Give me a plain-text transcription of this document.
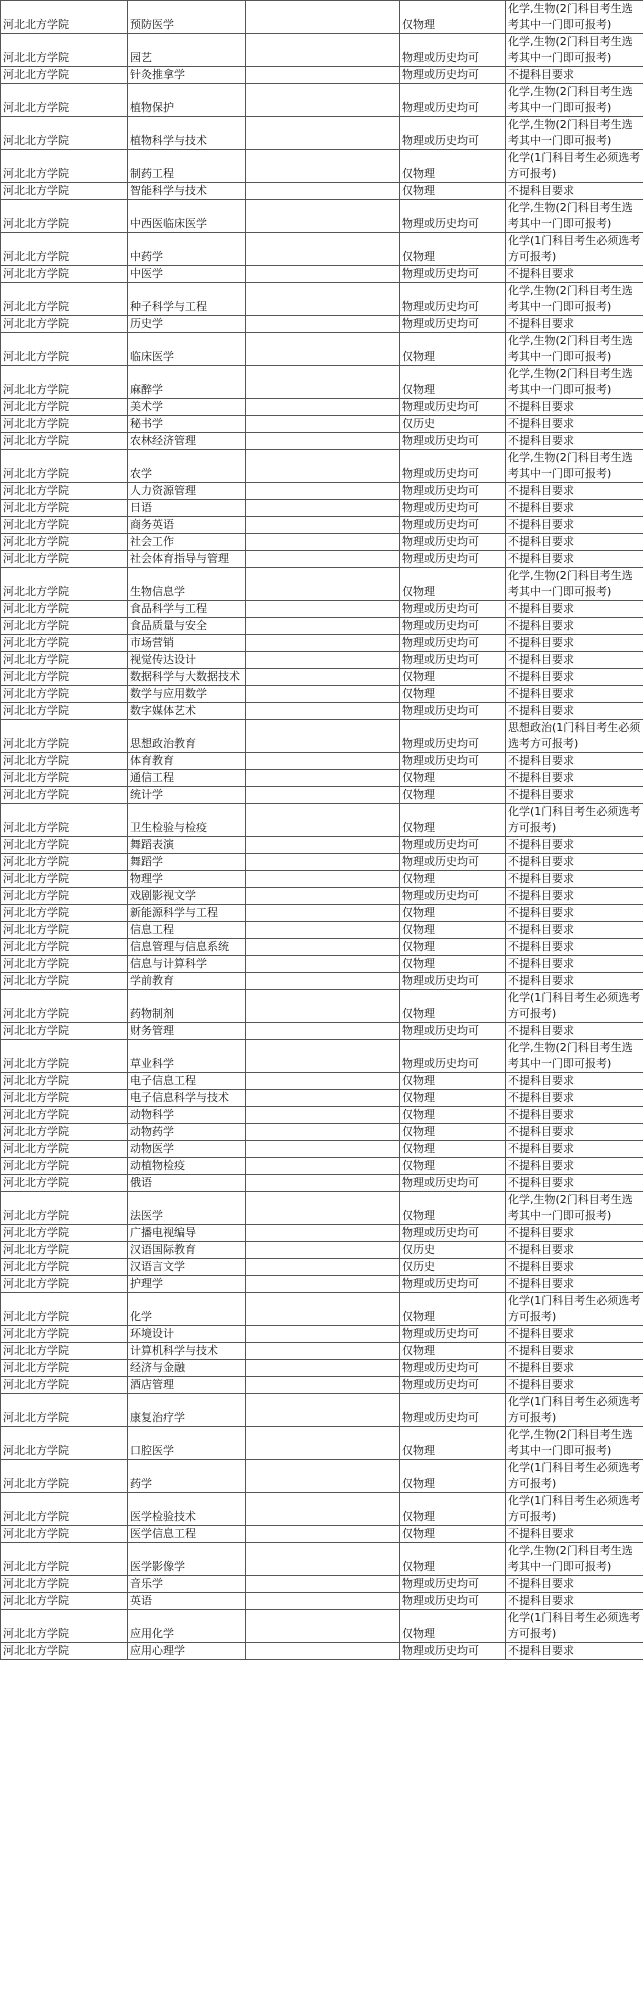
河北北方学院	预防医学		仅物理	化学,生物(2门科目考生选考其中一门即可报考)
河北北方学院	园艺		物理或历史均可	化学,生物(2门科目考生选考其中一门即可报考)
河北北方学院	针灸推拿学		物理或历史均可	不提科目要求
河北北方学院	植物保护		物理或历史均可	化学,生物(2门科目考生选考其中一门即可报考)
河北北方学院	植物科学与技术		物理或历史均可	化学,生物(2门科目考生选考其中一门即可报考)
河北北方学院	制药工程		仅物理	化学(1门科目考生必须选考方可报考)
河北北方学院	智能科学与技术		仅物理	不提科目要求
河北北方学院	中西医临床医学		物理或历史均可	化学,生物(2门科目考生选考其中一门即可报考)
河北北方学院	中药学		仅物理	化学(1门科目考生必须选考方可报考)
河北北方学院	中医学		物理或历史均可	不提科目要求
河北北方学院	种子科学与工程		物理或历史均可	化学,生物(2门科目考生选考其中一门即可报考)
河北北方学院	历史学		物理或历史均可	不提科目要求
河北北方学院	临床医学		仅物理	化学,生物(2门科目考生选考其中一门即可报考)
河北北方学院	麻醉学		仅物理	化学,生物(2门科目考生选考其中一门即可报考)
河北北方学院	美术学		物理或历史均可	不提科目要求
河北北方学院	秘书学		仅历史	不提科目要求
河北北方学院	农林经济管理		物理或历史均可	不提科目要求
河北北方学院	农学		物理或历史均可	化学,生物(2门科目考生选考其中一门即可报考)
河北北方学院	人力资源管理		物理或历史均可	不提科目要求
河北北方学院	日语		物理或历史均可	不提科目要求
河北北方学院	商务英语		物理或历史均可	不提科目要求
河北北方学院	社会工作		物理或历史均可	不提科目要求
河北北方学院	社会体育指导与管理		物理或历史均可	不提科目要求
河北北方学院	生物信息学		仅物理	化学,生物(2门科目考生选考其中一门即可报考)
河北北方学院	食品科学与工程		物理或历史均可	不提科目要求
河北北方学院	食品质量与安全		物理或历史均可	不提科目要求
河北北方学院	市场营销		物理或历史均可	不提科目要求
河北北方学院	视觉传达设计		物理或历史均可	不提科目要求
河北北方学院	数据科学与大数据技术		仅物理	不提科目要求
河北北方学院	数学与应用数学		仅物理	不提科目要求
河北北方学院	数字媒体艺术		物理或历史均可	不提科目要求
河北北方学院	思想政治教育		物理或历史均可	思想政治(1门科目考生必须选考方可报考)
河北北方学院	体育教育		物理或历史均可	不提科目要求
河北北方学院	通信工程		仅物理	不提科目要求
河北北方学院	统计学		仅物理	不提科目要求
河北北方学院	卫生检验与检疫		仅物理	化学(1门科目考生必须选考方可报考)
河北北方学院	舞蹈表演		物理或历史均可	不提科目要求
河北北方学院	舞蹈学		物理或历史均可	不提科目要求
河北北方学院	物理学		仅物理	不提科目要求
河北北方学院	戏剧影视文学		物理或历史均可	不提科目要求
河北北方学院	新能源科学与工程		仅物理	不提科目要求
河北北方学院	信息工程		仅物理	不提科目要求
河北北方学院	信息管理与信息系统		仅物理	不提科目要求
河北北方学院	信息与计算科学		仅物理	不提科目要求
河北北方学院	学前教育		物理或历史均可	不提科目要求
河北北方学院	药物制剂		仅物理	化学(1门科目考生必须选考方可报考)
河北北方学院	财务管理		物理或历史均可	不提科目要求
河北北方学院	草业科学		物理或历史均可	化学,生物(2门科目考生选考其中一门即可报考)
河北北方学院	电子信息工程		仅物理	不提科目要求
河北北方学院	电子信息科学与技术		仅物理	不提科目要求
河北北方学院	动物科学		仅物理	不提科目要求
河北北方学院	动物药学		仅物理	不提科目要求
河北北方学院	动物医学		仅物理	不提科目要求
河北北方学院	动植物检疫		仅物理	不提科目要求
河北北方学院	俄语		物理或历史均可	不提科目要求
河北北方学院	法医学		仅物理	化学,生物(2门科目考生选考其中一门即可报考)
河北北方学院	广播电视编导		物理或历史均可	不提科目要求
河北北方学院	汉语国际教育		仅历史	不提科目要求
河北北方学院	汉语言文学		仅历史	不提科目要求
河北北方学院	护理学		物理或历史均可	不提科目要求
河北北方学院	化学		仅物理	化学(1门科目考生必须选考方可报考)
河北北方学院	环境设计		物理或历史均可	不提科目要求
河北北方学院	计算机科学与技术		仅物理	不提科目要求
河北北方学院	经济与金融		物理或历史均可	不提科目要求
河北北方学院	酒店管理		物理或历史均可	不提科目要求
河北北方学院	康复治疗学		物理或历史均可	化学(1门科目考生必须选考方可报考)
河北北方学院	口腔医学		仅物理	化学,生物(2门科目考生选考其中一门即可报考)
河北北方学院	药学		仅物理	化学(1门科目考生必须选考方可报考)
河北北方学院	医学检验技术		仅物理	化学(1门科目考生必须选考方可报考)
河北北方学院	医学信息工程		仅物理	不提科目要求
河北北方学院	医学影像学		仅物理	化学,生物(2门科目考生选考其中一门即可报考)
河北北方学院	音乐学		物理或历史均可	不提科目要求
河北北方学院	英语		物理或历史均可	不提科目要求
河北北方学院	应用化学		仅物理	化学(1门科目考生必须选考方可报考)
河北北方学院	应用心理学		物理或历史均可	不提科目要求
